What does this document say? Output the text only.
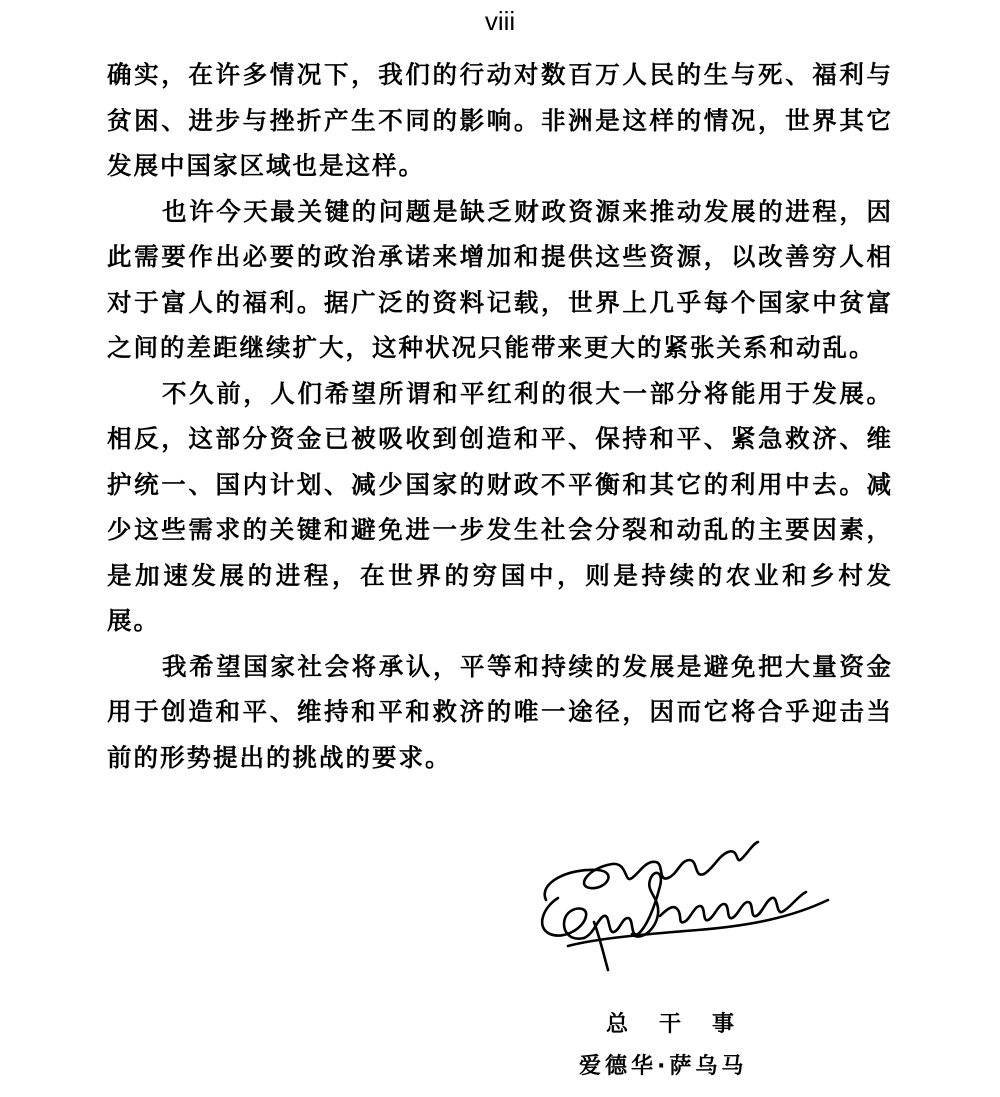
viii

确实，在许多情况下，我们的行动对数百万人民的生与死、福利与贫困、进步与挫折产生不同的影响。非洲是这样的情况，世界其它发展中国家区域也是这样。

也许今天最关键的问题是缺乏财政资源来推动发展的进程，因此需要作出必要的政治承诺来增加和提供这些资源，以改善穷人相对于富人的福利。据广泛的资料记载，世界上几乎每个国家中贫富之间的差距继续扩大，这种状况只能带来更大的紧张关系和动乱。

不久前，人们希望所谓和平红利的很大一部分将能用于发展。相反，这部分资金已被吸收到创造和平、保持和平、紧急救济、维护统一、国内计划、减少国家的财政不平衡和其它的利用中去。减少这些需求的关键和避免进一步发生社会分裂和动乱的主要因素，是加速发展的进程，在世界的穷国中，则是持续的农业和乡村发展。

我希望国家社会将承认，平等和持续的发展是避免把大量资金用于创造和平、维持和平和救济的唯一途径，因而它将合乎迎击当前的形势提出的挑战的要求。

总干事
爱德华·萨乌马
